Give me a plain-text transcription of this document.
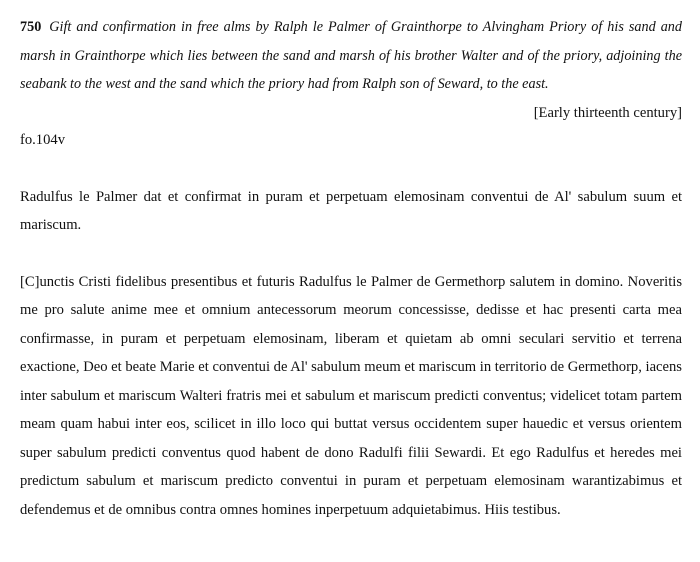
750 Gift and confirmation in free alms by Ralph le Palmer of Grainthorpe to Alvingham Priory of his sand and marsh in Grainthorpe which lies between the sand and marsh of his brother Walter and of the priory, adjoining the seabank to the west and the sand which the priory had from Ralph son of Seward, to the east.

[Early thirteenth century]

fo.104v

Radulfus le Palmer dat et confirmat in puram et perpetuam elemosinam conventui de Al' sabulum suum et mariscum.

[C]unctis Cristi fidelibus presentibus et futuris Radulfus le Palmer de Germethorp salutem in domino. Noveritis me pro salute anime mee et omnium antecessorum meorum concessisse, dedisse et hac presenti carta mea confirmasse, in puram et perpetuam elemosinam, liberam et quietam ab omni seculari servitio et terrena exactione, Deo et beate Marie et conventui de Al' sabulum meum et mariscum in territorio de Germethorp, iacens inter sabulum et mariscum Walteri fratris mei et sabulum et mariscum predicti conventus; videlicet totam partem meam quam habui inter eos, scilicet in illo loco qui buttat versus occidentem super hauedic et versus orientem super sabulum predicti conventus quod habent de dono Radulfi filii Sewardi. Et ego Radulfus et heredes mei predictum sabulum et mariscum predicto conventui in puram et perpetuam elemosinam warantizabimus et defendemus et de omnibus contra omnes homines inperpetuum adquietabimus. Hiis testibus.
